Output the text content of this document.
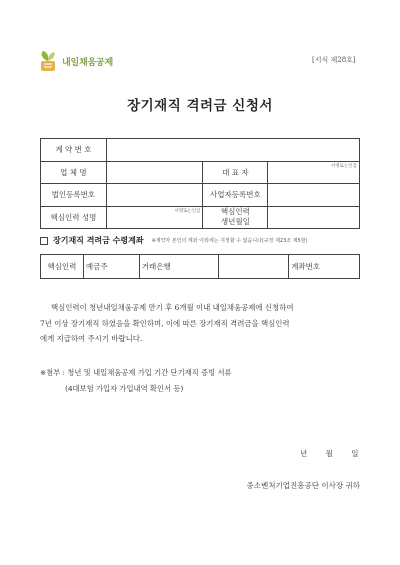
내일채움공제	[서식 제28호]
장기재직 격려금 신청서
계 약 번 호			
업 체 명		대 표 자	서명또는인감

법인등록번호		사업자등록번호	
핵심인력 성명	서명또는인감	핵심인력
생년월일	

장기재직 격려금 수령계좌 ※계약자 본인의 계좌 이외에는 지정할 수 없습니다(규정 제23조 제5항)
핵심인력	예금주	거래은행		계좌번호

핵심인력이 청년내일채움공제 만기 후 6개월 이내 내일채움공제에 신청하여

7년 이상 장기재직 하였음을 확인하며, 이에 따른 장기재직 격려금을 핵심인력

에게 지급하여 주시기 바랍니다.

※첨부 : 청년 및 내일채움공제 가입 기간 단기재직 증빙 서류

(4대보험 가입자 가입내역 확인서 등)

년 월 일
중소벤처기업진흥공단 이사장 귀하
